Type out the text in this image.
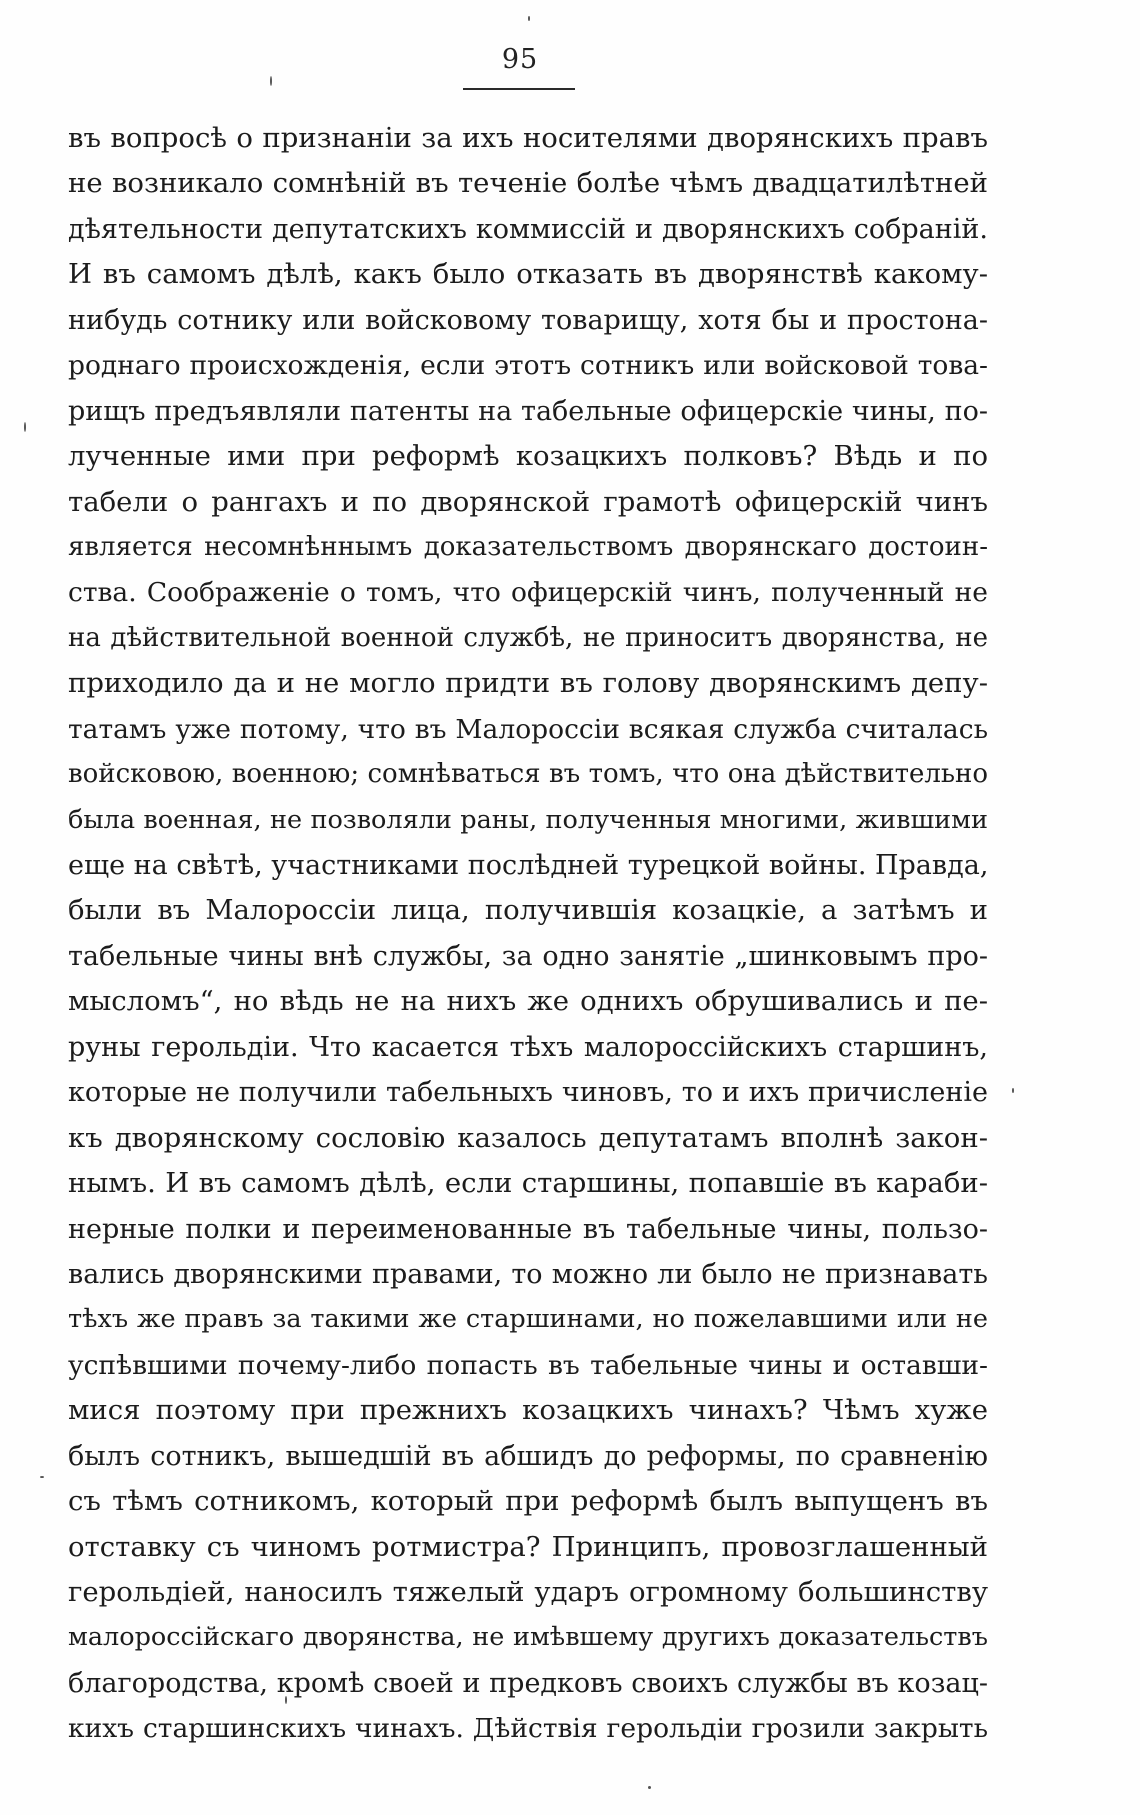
95
въ вопросѣ о признаніи за ихъ носителями дворянскихъ правъ
не возникало сомнѣній въ теченіе болѣе чѣмъ двадцатилѣтней
дѣятельности депутатскихъ коммиссій и дворянскихъ собраній.
И въ самомъ дѣлѣ, какъ было отказать въ дворянствѣ какому-
нибудь сотнику или войсковому товарищу, хотя бы и простона-
роднаго происхожденія, если этотъ сотникъ или войсковой това-
рищъ предъявляли патенты на табельные офицерскіе чины, по-
лученные ими при реформѣ козацкихъ полковъ? Вѣдь и по
табели о рангахъ и по дворянской грамотѣ офицерскій чинъ
является несомнѣннымъ доказательствомъ дворянскаго достоин-
ства. Соображеніе о томъ, что офицерскій чинъ, полученный не
на дѣйствительной военной службѣ, не приноситъ дворянства, не
приходило да и не могло придти въ голову дворянскимъ депу-
татамъ уже потому, что въ Малороссіи всякая служба считалась
войсковою, военною; сомнѣваться въ томъ, что она дѣйствительно
была военная, не позволяли раны, полученныя многими, жившими
еще на свѣтѣ, участниками послѣдней турецкой войны. Правда,
были въ Малороссіи лица, получившія козацкіе, а затѣмъ и
табельные чины внѣ службы, за одно занятіе „шинковымъ про-
мысломъ“, но вѣдь не на нихъ же однихъ обрушивались и пе-
руны герольдіи. Что касается тѣхъ малороссійскихъ старшинъ,
которые не получили табельныхъ чиновъ, то и ихъ причисленіе
къ дворянскому сословію казалось депутатамъ вполнѣ закон-
нымъ. И въ самомъ дѣлѣ, если старшины, попавшіе въ караби-
нерные полки и переименованные въ табельные чины, пользо-
вались дворянскими правами, то можно ли было не признавать
тѣхъ же правъ за такими же старшинами, но пожелавшими или не
успѣвшими почему-либо попасть въ табельные чины и оставши-
мися поэтому при прежнихъ козацкихъ чинахъ? Чѣмъ хуже
былъ сотникъ, вышедшій въ абшидъ до реформы, по сравненію
съ тѣмъ сотникомъ, который при реформѣ былъ выпущенъ въ
отставку съ чиномъ ротмистра? Принципъ, провозглашенный
герольдіей, наносилъ тяжелый ударъ огромному большинству
малороссійскаго дворянства, не имѣвшему другихъ доказательствъ
благородства, кромѣ своей и предковъ своихъ службы въ козац-
кихъ старшинскихъ чинахъ. Дѣйствія герольдіи грозили закрыть
